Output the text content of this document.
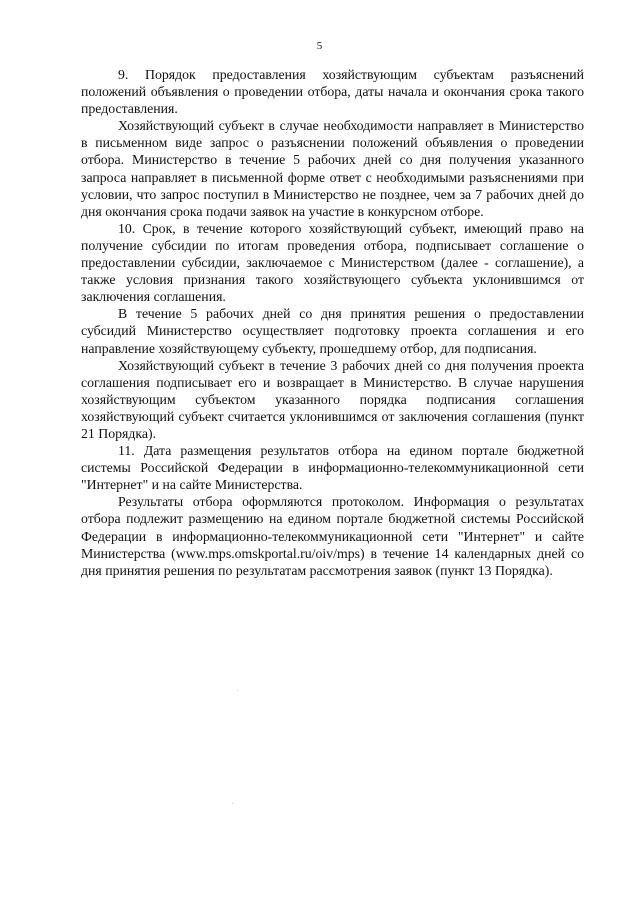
5

9. Порядок предоставления хозяйствующим субъектам разъяснений положений объявления о проведении отбора, даты начала и окончания срока такого предоставления.

Хозяйствующий субъект в случае необходимости направляет в Министерство в письменном виде запрос о разъяснении положений объявления о проведении отбора. Министерство в течение 5 рабочих дней со дня получения указанного запроса направляет в письменной форме ответ с необходимыми разъяснениями при условии, что запрос поступил в Министерство не позднее, чем за 7 рабочих дней до дня окончания срока подачи заявок на участие в конкурсном отборе.

10. Срок, в течение которого хозяйствующий субъект, имеющий право на получение субсидии по итогам проведения отбора, подписывает соглашение о предоставлении субсидии, заключаемое с Министерством (далее - соглашение), а также условия признания такого хозяйствующего субъекта уклонившимся от заключения соглашения.

В течение 5 рабочих дней со дня принятия решения о предоставлении субсидий Министерство осуществляет подготовку проекта соглашения и его направление хозяйствующему субъекту, прошедшему отбор, для подписания.

Хозяйствующий субъект в течение 3 рабочих дней со дня получения проекта соглашения подписывает его и возвращает в Министерство. В случае нарушения хозяйствующим субъектом указанного порядка подписания соглашения хозяйствующий субъект считается уклонившимся от заключения соглашения (пункт 21 Порядка).

11. Дата размещения результатов отбора на едином портале бюджетной системы Российской Федерации в информационно-телекоммуникационной сети "Интернет" и на сайте Министерства.

Результаты отбора оформляются протоколом. Информация о результатах отбора подлежит размещению на едином портале бюджетной системы Российской Федерации в информационно-телекоммуникационной сети "Интернет" и сайте Министерства (www.mps.omskportal.ru/oiv/mps) в течение 14 календарных дней со дня принятия решения по результатам рассмотрения заявок (пункт 13 Порядка).
